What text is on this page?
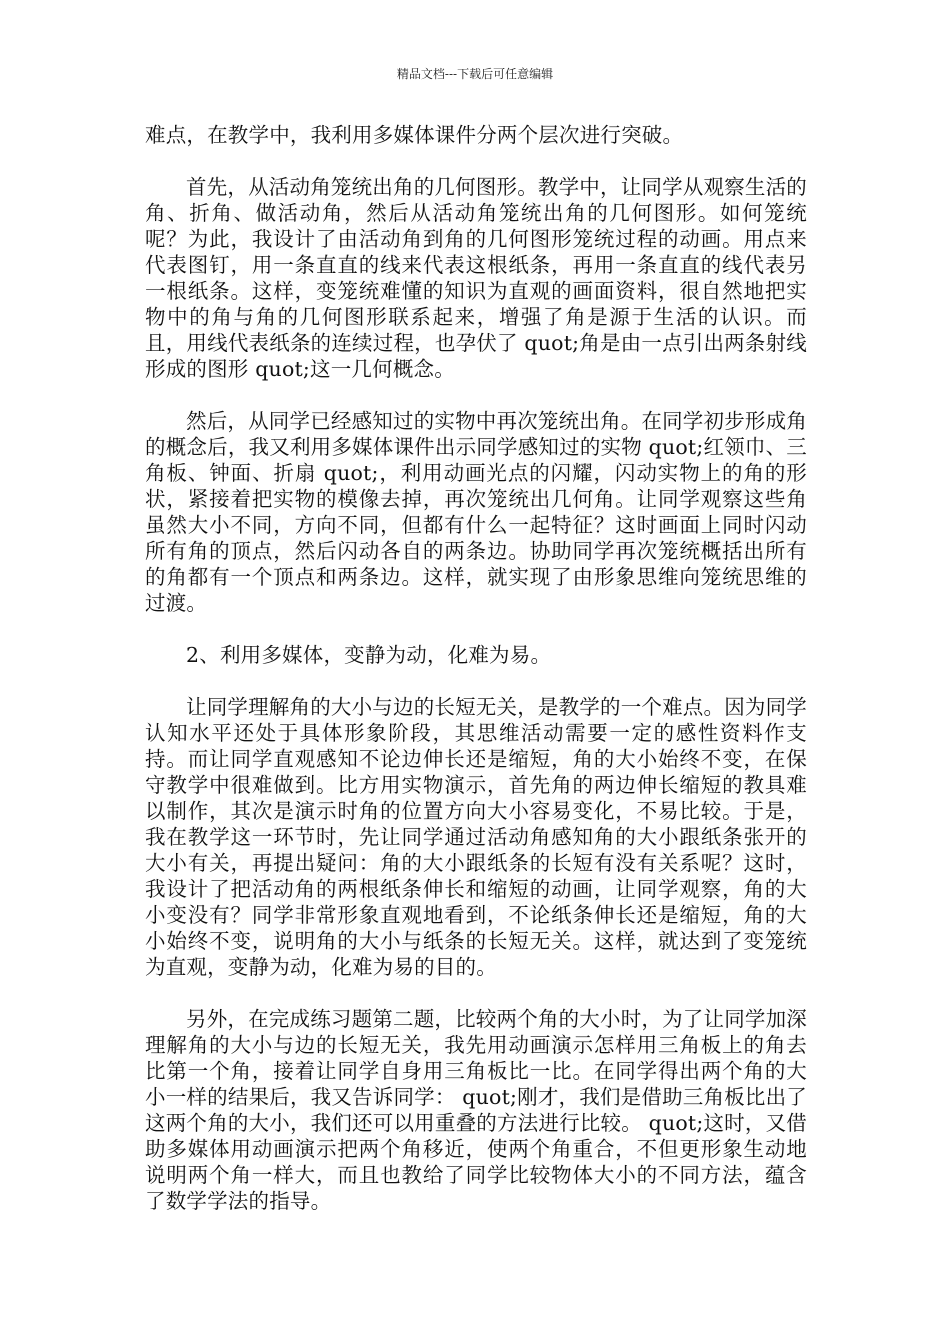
精品文档---下载后可任意编辑

难点，在教学中，我利用多媒体课件分两个层次进行突破。

首先，从活动角笼统出角的几何图形。教学中，让同学从观察生活的角、折角、做活动角，然后从活动角笼统出角的几何图形。如何笼统呢？为此，我设计了由活动角到角的几何图形笼统过程的动画。用点来代表图钉，用一条直直的线来代表这根纸条，再用一条直直的线代表另一根纸条。这样，变笼统难懂的知识为直观的画面资料，很自然地把实物中的角与角的几何图形联系起来，增强了角是源于生活的认识。而且，用线代表纸条的连续过程，也孕伏了 quot;角是由一点引出两条射线形成的图形 quot;这一几何概念。

然后，从同学已经感知过的实物中再次笼统出角。在同学初步形成角的概念后，我又利用多媒体课件出示同学感知过的实物 quot;红领巾、三角板、钟面、折扇 quot;，利用动画光点的闪耀，闪动实物上的角的形状，紧接着把实物的模像去掉，再次笼统出几何角。让同学观察这些角虽然大小不同，方向不同，但都有什么一起特征？这时画面上同时闪动所有角的顶点，然后闪动各自的两条边。协助同学再次笼统概括出所有的角都有一个顶点和两条边。这样，就实现了由形象思维向笼统思维的过渡。

2、利用多媒体，变静为动，化难为易。

让同学理解角的大小与边的长短无关，是教学的一个难点。因为同学认知水平还处于具体形象阶段，其思维活动需要一定的感性资料作支持。而让同学直观感知不论边伸长还是缩短，角的大小始终不变，在保守教学中很难做到。比方用实物演示，首先角的两边伸长缩短的教具难以制作，其次是演示时角的位置方向大小容易变化，不易比较。于是，我在教学这一环节时，先让同学通过活动角感知角的大小跟纸条张开的大小有关，再提出疑问：角的大小跟纸条的长短有没有关系呢？这时，我设计了把活动角的两根纸条伸长和缩短的动画，让同学观察，角的大小变没有？同学非常形象直观地看到，不论纸条伸长还是缩短，角的大小始终不变，说明角的大小与纸条的长短无关。这样，就达到了变笼统为直观，变静为动，化难为易的目的。

另外，在完成练习题第二题，比较两个角的大小时，为了让同学加深理解角的大小与边的长短无关，我先用动画演示怎样用三角板上的角去比第一个角，接着让同学自身用三角板比一比。在同学得出两个角的大小一样的结果后，我又告诉同学： quot;刚才，我们是借助三角板比出了这两个角的大小，我们还可以用重叠的方法进行比较。 quot;这时，又借助多媒体用动画演示把两个角移近，使两个角重合，不但更形象生动地说明两个角一样大，而且也教给了同学比较物体大小的不同方法，蕴含了数学学法的指导。
